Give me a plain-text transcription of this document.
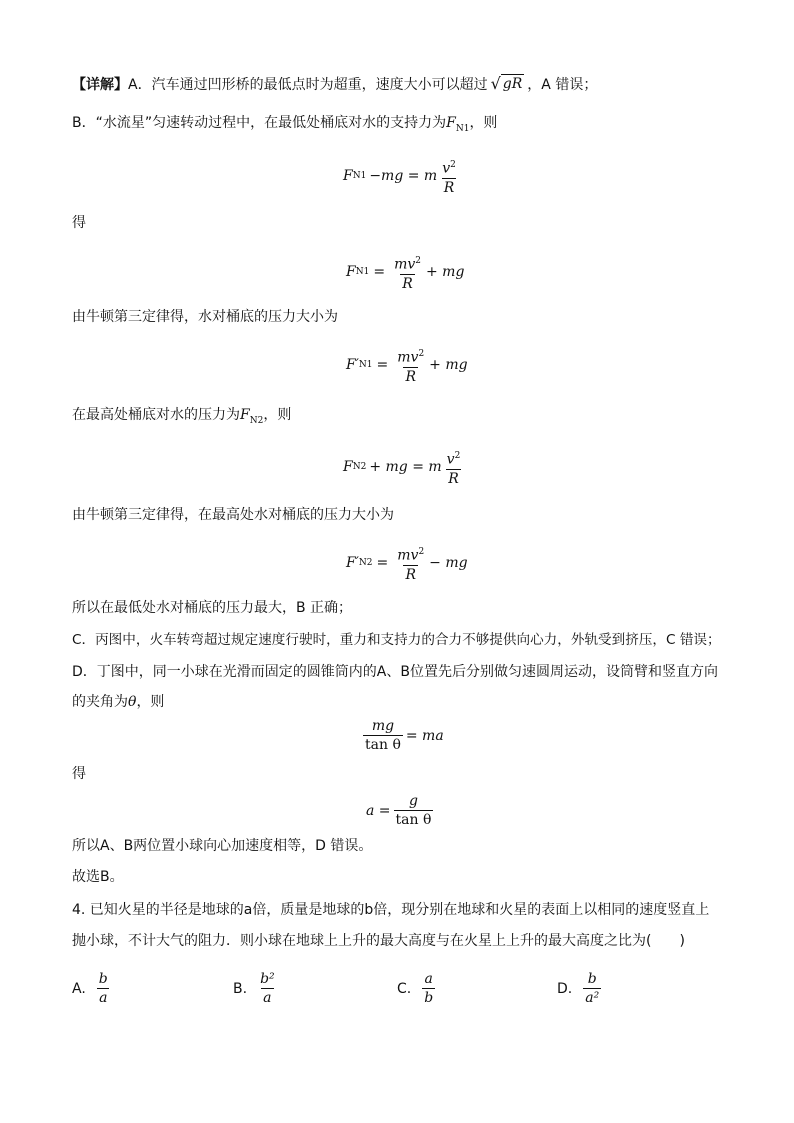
【详解】A．汽车通过凹形桥的最低点时为超重，速度大小可以超过 √ gR ，A 错误；
B．“水流星”匀速转动过程中，在最低处桶底对水的支持力为$F_{N1}$，则
F N1 −mg = m $\frac{v^2}{R}$
得
F $N1 = \frac{mv^2}{R}$ + mg
由牛顿第三定律得，水对桶底的压力大小为
F′ $N1 = \frac{mv^2}{R}$ + mg
在最高处桶底对水的压力为$F_{N2}$，则
F N2 + mg = m $\frac{v^2}{R}$
由牛顿第三定律得，在最高处水对桶底的压力大小为
F′ $N2 = \frac{mv^2}{R}$ − mg
所以在最低处水对桶底的压力最大，B 正确；
C．丙图中，火车转弯超过规定速度行驶时，重力和支持力的合力不够提供向心力，外轨受到挤压，C 错误；
D．丁图中，同一小球在光滑而固定的圆锥筒内的A、B位置先后分别做匀速圆周运动，设筒臂和竖直方向
的夹角为θ，则
$\frac{mg}{\text{tan θ}}$ = ma
得
$a = \frac{g}{\text{tan θ}}$
所以A、B两位置小球向心加速度相等，D 错误。
故选B。
4. 已知火星的半径是地球的a倍，质量是地球的b倍，现分别在地球和火星的表面上以相同的速度竖直上
抛小球，不计大气的阻力．则小球在地球上上升的最大高度与在火星上上升的最大高度之比为(　　)
A. $\frac{b}{a}$	B. $\frac{\text{b²}}{a}$	C. $\frac{a}{b}$	D. $\frac{b}{\text{a²}}$
